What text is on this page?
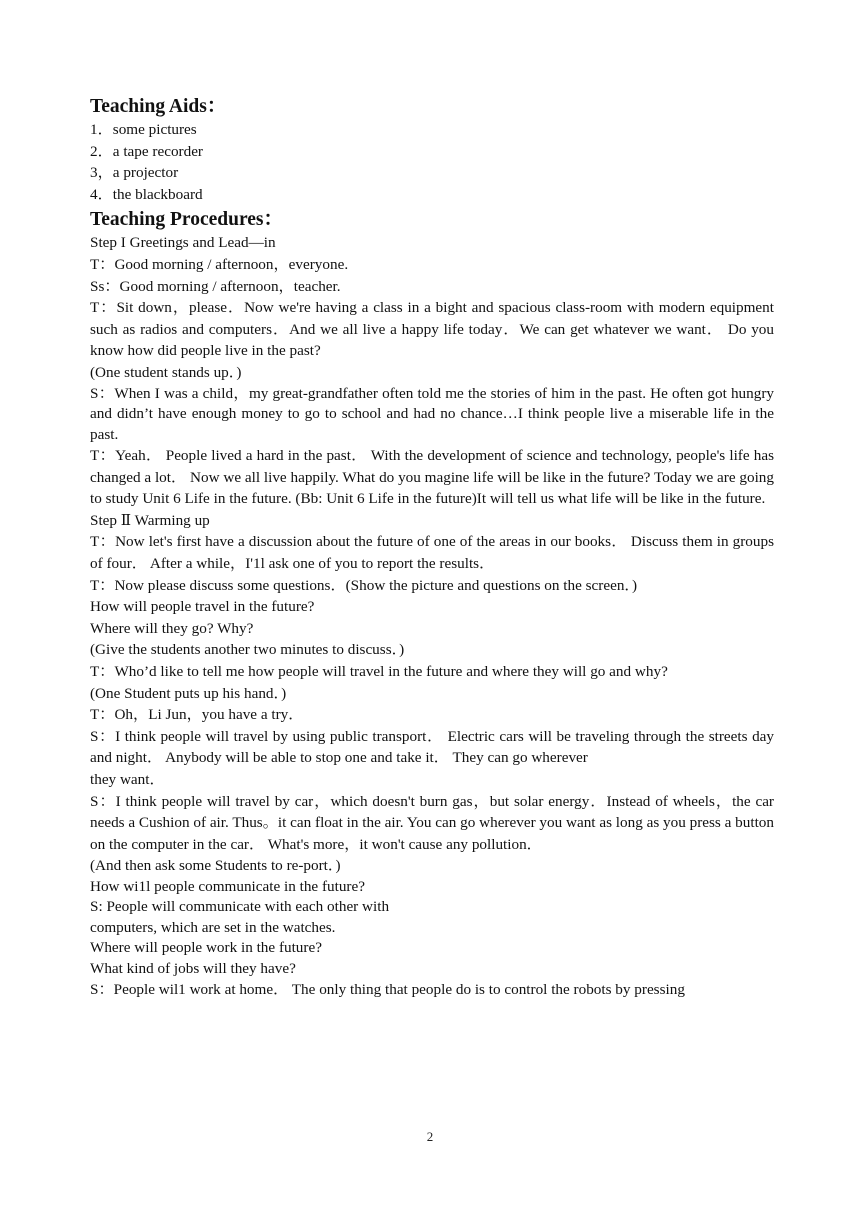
Teaching Aids：
1．some pictures
2．a tape recorder
3，a projector
4．the blackboard
Teaching Procedures：
Step I Greetings and Lead—in
T：Good morning / afternoon，everyone.
Ss：Good morning / afternoon，teacher.
T：Sit down，please．Now we're having a class in a bight and spacious class-room with modern equipment such as radios and computers．And we all live a happy life today．We can get whatever we want． Do you know how did people live in the past?
(One student stands up．)
S：When I was a child，my great-grandfather often told me the stories of him in the past. He often got hungry and didn’t have enough money to go to school and had no chance…I think people live a miserable life in the past.
T：Yeah． People lived a hard in the past． With the development of science and technology, people's life has changed a lot． Now we all live happily. What do you magine life will be like in the future? Today we are going to study Unit 6 Life in the future. (Bb: Unit 6 Life in the future)It will tell us what life will be like in the future.
Step Ⅱ Warming up
T：Now let's first have a discussion about the future of one of the areas in our books． Discuss them in groups of four． After a while，I'1l ask one of you to report the results．
T：Now please discuss some questions．(Show the picture and questions on the screen．)
How will people travel in the future?
Where will they go? Why?
(Give the students another two minutes to discuss．)
T：Who’d like to tell me how people will travel in the future and where they will go and why?
(One Student puts up his hand．)
T：Oh，Li Jun，you have a try．
S：I think people will travel by using public transport． Electric cars will be traveling through the streets day and night． Anybody will be able to stop one and take it． They can go wherever
they want．
S：I think people will travel by car，which doesn't burn gas，but solar energy．Instead of wheels，the car needs a Cushion of air. Thus。it can float in the air. You can go wherever you want as long as you press a button on the computer in the car． What's more，it won't cause any pollution．
(And then ask some Students to re-port．)
How wi1l people communicate in the future?
S: People will communicate with each other with
computers, which are set in the watches.
Where will people work in the future?
What kind of jobs will they have?
S：People wil1 work at home． The only thing that people do is to control the robots by pressing
2
